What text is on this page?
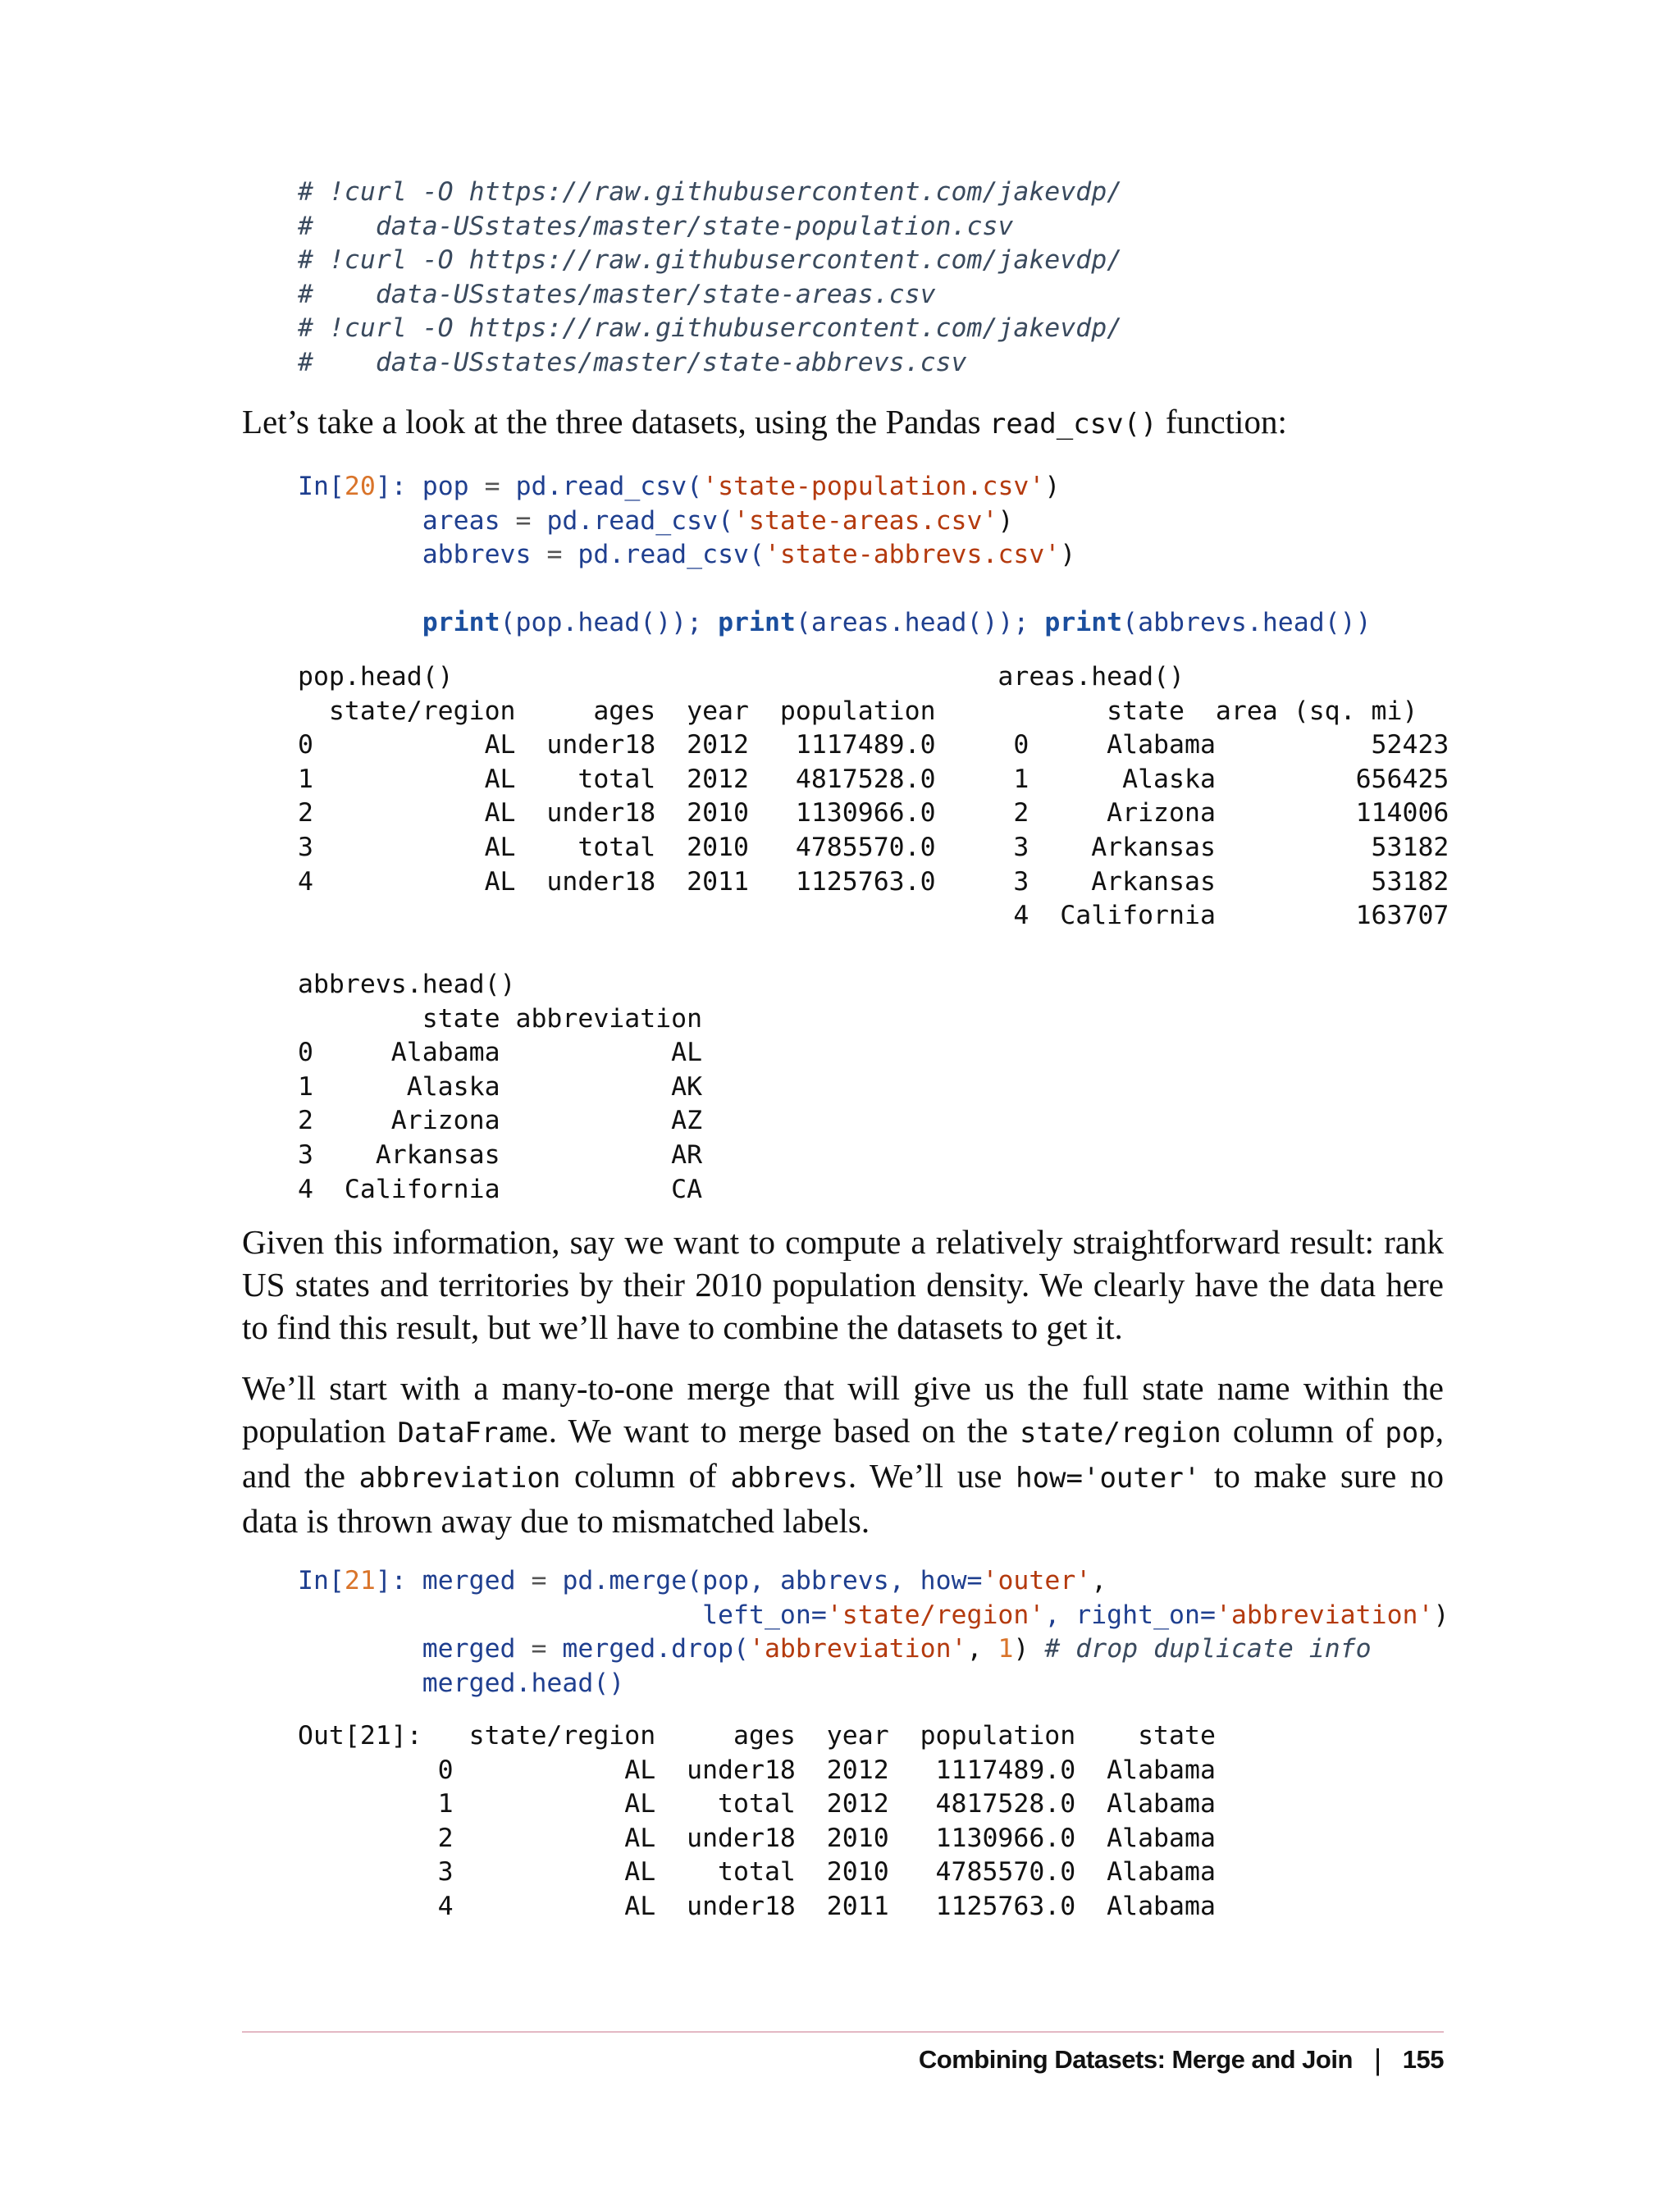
# !curl -O https://raw.githubusercontent.com/jakevdp/
#    data-USstates/master/state-population.csv
# !curl -O https://raw.githubusercontent.com/jakevdp/
#    data-USstates/master/state-areas.csv
# !curl -O https://raw.githubusercontent.com/jakevdp/
#    data-USstates/master/state-abbrevs.csv

Let’s take a look at the three datasets, using the Pandas read_csv() function:

In[20]: pop = pd.read_csv('state-population.csv')
areas = pd.read_csv('state-areas.csv')
abbrevs = pd.read_csv('state-abbrevs.csv')

print(pop.head()); print(areas.head()); print(abbrevs.head())
pop.head()                                   areas.head()
state/region     ages  year  population           state  area (sq. mi)
0           AL  under18  2012   1117489.0     0     Alabama          52423
1           AL    total  2012   4817528.0     1      Alaska         656425
2           AL  under18  2010   1130966.0     2     Arizona         114006
3           AL    total  2010   4785570.0     3    Arkansas          53182
4           AL  under18  2011   1125763.0     3    Arkansas          53182
4  California         163707
abbrevs.head()
state abbreviation
0     Alabama           AL
1      Alaska           AK
2     Arizona           AZ
3    Arkansas           AR
4  California           CA

Given this information, say we want to compute a relatively straightforward result: rank US states and territories by their 2010 population density. We clearly have the data here to find this result, but we’ll have to combine the datasets to get it.

We’ll start with a many-to-one merge that will give us the full state name within the population DataFrame. We want to merge based on the state/region column of pop, and the abbreviation column of abbrevs. We’ll use how='outer' to make sure no data is thrown away due to mismatched labels.

In[21]: merged = pd.merge(pop, abbrevs, how='outer',
left_on='state/region', right_on='abbreviation')
merged = merged.drop('abbreviation', 1) # drop duplicate info
merged.head()
Out[21]:   state/region     ages  year  population    state
0           AL  under18  2012   1117489.0  Alabama
1           AL    total  2012   4817528.0  Alabama
2           AL  under18  2010   1130966.0  Alabama
3           AL    total  2010   4785570.0  Alabama
4           AL  under18  2011   1125763.0  Alabama
Combining Datasets: Merge and Join | 155
